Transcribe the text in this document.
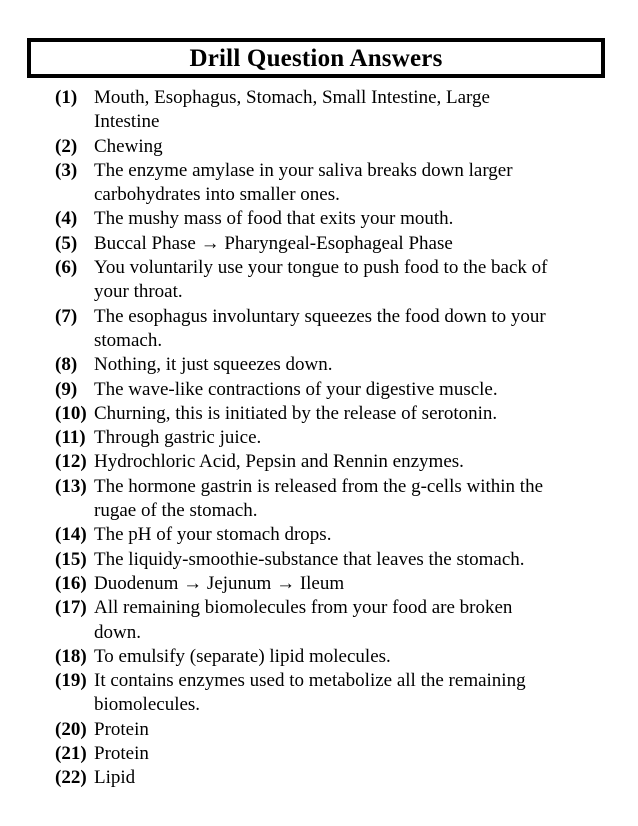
Drill Question Answers
(1) Mouth, Esophagus, Stomach, Small Intestine, Large
Intestine
(2) Chewing
(3) The enzyme amylase in your saliva breaks down larger
carbohydrates into smaller ones.
(4) The mushy mass of food that exits your mouth.
(5) Buccal Phase → Pharyngeal-Esophageal Phase
(6) You voluntarily use your tongue to push food to the back of
your throat.
(7) The esophagus involuntary squeezes the food down to your
stomach.
(8) Nothing, it just squeezes down.
(9) The wave-like contractions of your digestive muscle.
(10) Churning, this is initiated by the release of serotonin.
(11) Through gastric juice.
(12) Hydrochloric Acid, Pepsin and Rennin enzymes.
(13) The hormone gastrin is released from the g-cells within the
rugae of the stomach.
(14) The pH of your stomach drops.
(15) The liquidy-smoothie-substance that leaves the stomach.
(16) Duodenum → Jejunum → Ileum
(17) All remaining biomolecules from your food are broken
down.
(18) To emulsify (separate) lipid molecules.
(19) It contains enzymes used to metabolize all the remaining
biomolecules.
(20) Protein
(21) Protein
(22) Lipid
